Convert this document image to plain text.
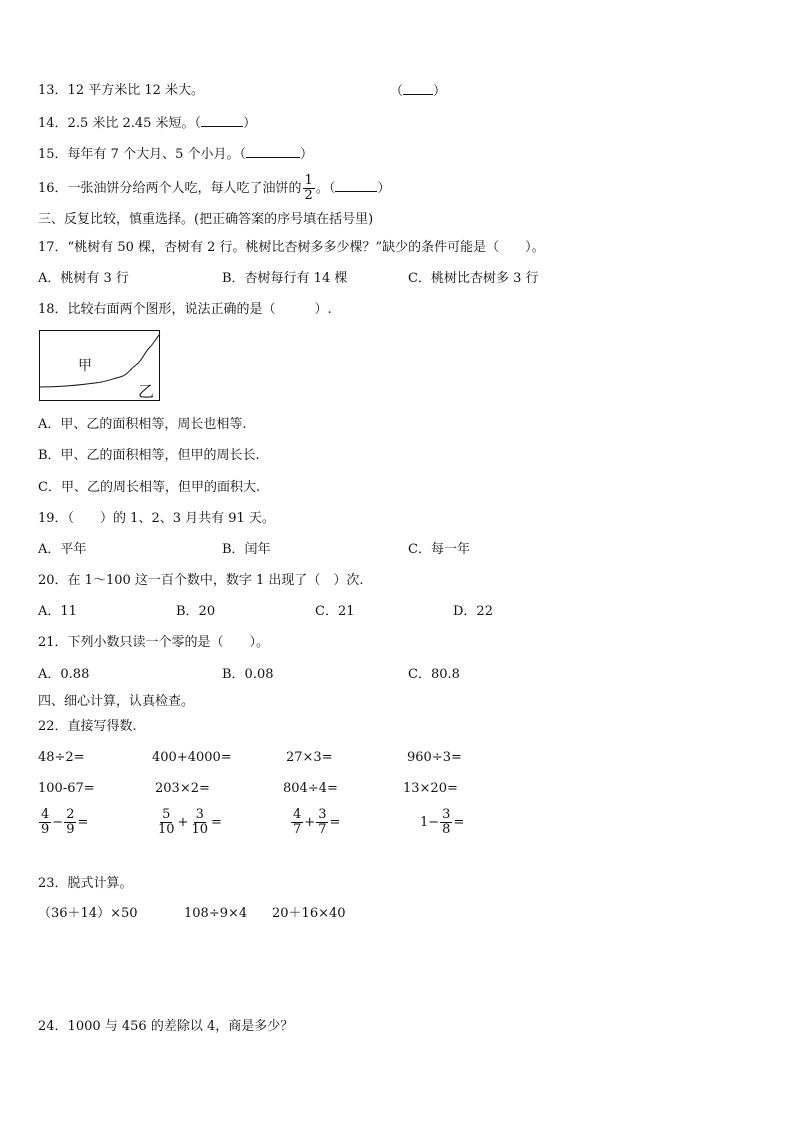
13．12 平方米比 12 米大。	（ ）
14．2.5 米比 2.45 米短。（	）
15．每年有 7 个大月、5 个小月。（	）
16．一张油饼分给两个人吃，每人吃了油饼的 $\frac{1}{2}$ 。（	）
三、反复比较，慎重选择。(把正确答案的序号填在括号里)
17．“桃树有 50 棵，杏树有 2 行。桃树比杏树多多少棵？”缺少的条件可能是（　　）。
A．桃树有 3 行	B．杏树每行有 14 棵	C．桃树比杏树多 3 行
18．比较右面两个图形，说法正确的是（　　　）.
甲
乙
A．甲、乙的面积相等，周长也相等.
B．甲、乙的面积相等，但甲的周长长.
C．甲、乙的周长相等，但甲的面积大.
19．（　　）的 1、2、3 月共有 91 天。
A．平年	B．闰年	C．每一年
20．在 1～100 这一百个数中，数字 1 出现了（　）次.
A．11	B．20	C．21	D．22
21．下列小数只读一个零的是（　　）。
A．0.88	B．0.08	C．80.8
四、细心计算，认真检查。
22．直接写得数.
48÷2=	400+4000=	27×3=	960÷3=
100-67=	203×2=	804÷4=	13×20=
$\frac{4}{9} - \frac{2}{9}$ =	$\frac{5}{10} + \frac{3}{10}$ =	$\frac{4}{7} + \frac{3}{7}$ =	$1- \frac{3}{8}$ =
23．脱式计算。
（36＋14）×50	108÷9×4 20＋16×40
24．1000 与 456 的差除以 4，商是多少？
